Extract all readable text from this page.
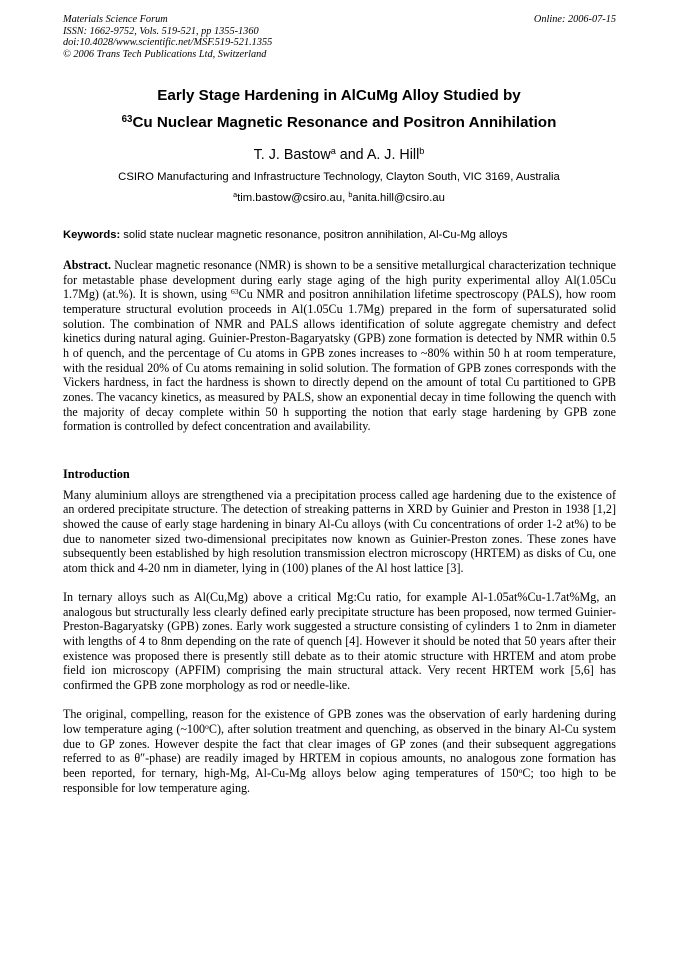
Materials Science Forum	Online: 2006-07-15
ISSN: 1662-9752, Vols. 519-521, pp 1355-1360
doi:10.4028/www.scientific.net/MSF.519-521.1355
© 2006 Trans Tech Publications Ltd, Switzerland
Early Stage Hardening in AlCuMg Alloy Studied by
$^{63}$Cu Nuclear Magnetic Resonance and Positron Annihilation
T. J. Bastow$^a$ and A. J. Hill$^b$
CSIRO Manufacturing and Infrastructure Technology, Clayton South, VIC 3169, Australia
$^a$tim.bastow@csiro.au, $^b$anita.hill@csiro.au
Keywords: solid state nuclear magnetic resonance, positron annihilation, Al-Cu-Mg alloys

Abstract. Nuclear magnetic resonance (NMR) is shown to be a sensitive metallurgical characterization technique for metastable phase development during early stage aging of the high purity experimental alloy Al(1.05Cu 1.7Mg) (at.%). It is shown, using $^{63}$Cu NMR and positron annihilation lifetime spectroscopy (PALS), how room temperature structural evolution proceeds in Al(1.05Cu 1.7Mg) prepared in the form of supersaturated solid solution. The combination of NMR and PALS allows identification of solute aggregate chemistry and defect kinetics during natural aging. Guinier-Preston-Bagaryatsky (GPB) zone formation is detected by NMR within 0.5 h of quench, and the percentage of Cu atoms in GPB zones increases to ~80% within 50 h at room temperature, with the residual 20% of Cu atoms remaining in solid solution. The formation of GPB zones corresponds with the Vickers hardness, in fact the hardness is shown to directly depend on the amount of total Cu partitioned to GPB zones. The vacancy kinetics, as measured by PALS, show an exponential decay in time following the quench with the majority of decay complete within 50 h supporting the notion that early stage hardening by GPB zone formation is controlled by defect concentration and availability.

Introduction

Many aluminium alloys are strengthened via a precipitation process called age hardening due to the existence of an ordered precipitate structure. The detection of streaking patterns in XRD by Guinier and Preston in 1938 [1,2] showed the cause of early stage hardening in binary Al-Cu alloys (with Cu concentrations of order 1-2 at%) to be due to nanometer sized two-dimensional precipitates now known as Guinier-Preston zones. These zones have subsequently been established by high resolution transmission electron microscopy (HRTEM) as disks of Cu, one atom thick and 4-20 nm in diameter, lying in (100) planes of the Al host lattice [3].

In ternary alloys such as Al(Cu,Mg) above a critical Mg:Cu ratio, for example Al-1.05at%Cu-1.7at%Mg, an analogous but structurally less clearly defined early precipitate structure has been proposed, now termed Guinier-Preston-Bagaryatsky (GPB) zones. Early work suggested a structure consisting of cylinders 1 to 2nm in diameter with lengths of 4 to 8nm depending on the rate of quench [4]. However it should be noted that 50 years after their existence was proposed there is presently still debate as to their atomic structure with HRTEM and atom probe field ion microscopy (APFIM) comprising the main structural attack. Very recent HRTEM work [5,6] has confirmed the GPB zone morphology as rod or needle-like.

The original, compelling, reason for the existence of GPB zones was the observation of early hardening during low temperature aging (~100$^o$C), after solution treatment and quenching, as observed in the binary Al-Cu system due to GP zones. However despite the fact that clear images of GP zones (and their subsequent aggregations referred to as θ″-phase) are readily imaged by HRTEM in copious amounts, no analogous zone formation has been reported, for ternary, high-Mg, Al-Cu-Mg alloys below aging temperatures of 150$^o$C; too high to be responsible for low temperature aging.
